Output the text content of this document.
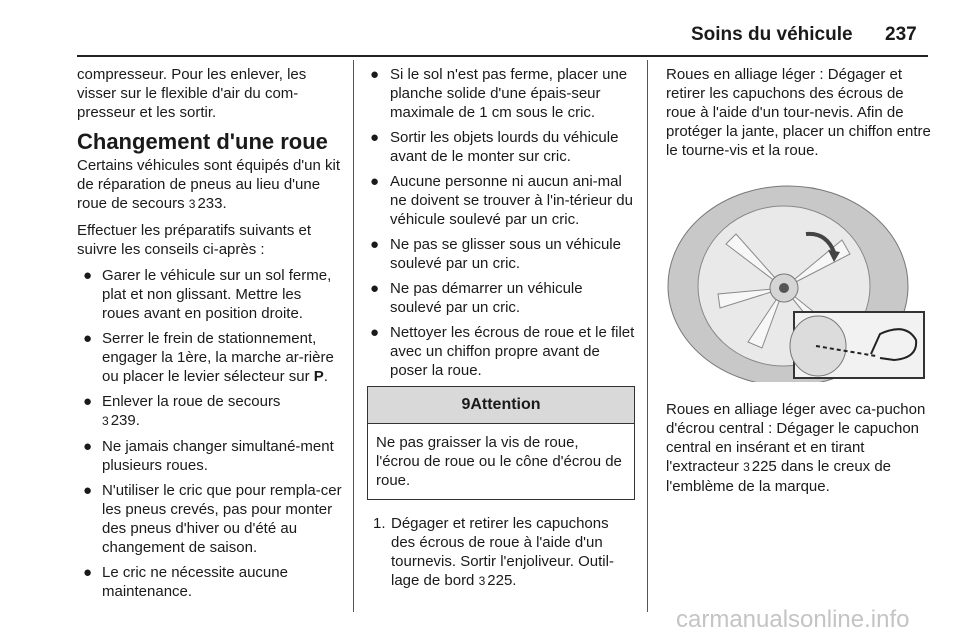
Soins du véhicule 237

compresseur. Pour les enlever, les visser sur le flexible d'air du com-presseur et les sortir.

Changement d'une roue

Certains véhicules sont équipés d'un kit de réparation de pneus au lieu d'une roue de secours 3 233.

Effectuer les préparatifs suivants et suivre les conseils ci-après :

● Garer le véhicule sur un sol ferme, plat et non glissant. Mettre les roues avant en position droite.
● Serrer le frein de stationnement, engager la 1ère, la marche ar-rière ou placer le levier sélecteur sur P.
● Enlever la roue de secours
3 239.
● Ne jamais changer simultané-ment plusieurs roues.
● N'utiliser le cric que pour rempla-cer les pneus crevés, pas pour monter des pneus d'hiver ou d'été au changement de saison.
● Le cric ne nécessite aucune maintenance.
● Si le sol n'est pas ferme, placer une planche solide d'une épais-seur maximale de 1 cm sous le cric.
● Sortir les objets lourds du véhicule avant de le monter sur cric.
● Aucune personne ni aucun ani-mal ne doivent se trouver à l'in-térieur du véhicule soulevé par un cric.
● Ne pas se glisser sous un véhicule soulevé par un cric.
● Ne pas démarrer un véhicule soulevé par un cric.
● Nettoyer les écrous de roue et le filet avec un chiffon propre avant de poser la roue.
9Attention
Ne pas graisser la vis de roue, l'écrou de roue ou le cône d'écrou de roue.
1. Dégager et retirer les capuchons des écrous de roue à l'aide d'un tournevis. Sortir l'enjoliveur. Outil-lage de bord 3 225.

Roues en alliage léger : Dégager et retirer les capuchons des écrous de roue à l'aide d'un tour-nevis. Afin de protéger la jante, placer un chiffon entre le tourne-vis et la roue.

Roues en alliage léger avec ca-puchon d'écrou central : Dégager le capuchon central en insérant et en tirant l'extracteur 3 225 dans le creux de l'emblème de la marque.

carmanualsonline.info
